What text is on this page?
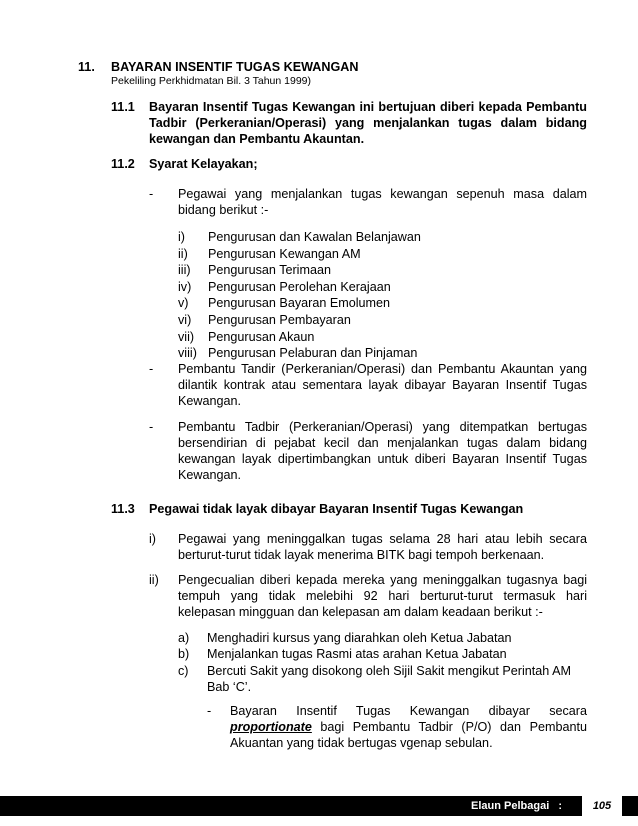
11. BAYARAN INSENTIF TUGAS KEWANGAN
Pekeliling Perkhidmatan Bil. 3 Tahun 1999)
11.1 Bayaran Insentif Tugas Kewangan ini bertujuan diberi kepada Pembantu
Tadbir (Perkeranian/Operasi) yang menjalankan tugas dalam bidang
kewangan dan Pembantu Akauntan.
11.2 Syarat Kelayakan;
- Pegawai yang menjalankan tugas kewangan sepenuh masa dalam
bidang berikut :-
i) Pengurusan dan Kawalan Belanjawan
ii) Pengurusan Kewangan AM
iii) Pengurusan Terimaan
iv) Pengurusan Perolehan Kerajaan
v) Pengurusan Bayaran Emolumen
vi) Pengurusan Pembayaran
vii) Pengurusan Akaun
viii) Pengurusan Pelaburan dan Pinjaman
- Pembantu Tandir (Perkeranian/Operasi) dan Pembantu Akauntan yang
dilantik kontrak atau sementara layak dibayar Bayaran Insentif Tugas
Kewangan.
- Pembantu Tadbir (Perkeranian/Operasi) yang ditempatkan bertugas
bersendirian di pejabat kecil dan menjalankan tugas dalam bidang
kewangan layak dipertimbangkan untuk diberi Bayaran Insentif Tugas
Kewangan.
11.3 Pegawai tidak layak dibayar Bayaran Insentif Tugas Kewangan
i) Pegawai yang meninggalkan tugas selama 28 hari atau lebih secara
berturut-turut tidak layak menerima BITK bagi tempoh berkenaan.
ii) Pengecualian diberi kepada mereka yang meninggalkan tugasnya bagi
tempuh yang tidak melebihi 92 hari berturut-turut termasuk hari
kelepasan mingguan dan kelepasan am dalam keadaan berikut :-
a) Menghadiri kursus yang diarahkan oleh Ketua Jabatan
b) Menjalankan tugas Rasmi atas arahan Ketua Jabatan
c) Bercuti Sakit yang disokong oleh Sijil Sakit mengikut Perintah AM
Bab ‘C’.
- Bayaran Insentif Tugas Kewangan dibayar secara
proportionate bagi Pembantu Tadbir (P/O) dan Pembantu
Akuantan yang tidak bertugas vgenap sebulan.
Elaun Pelbagai   :	105
